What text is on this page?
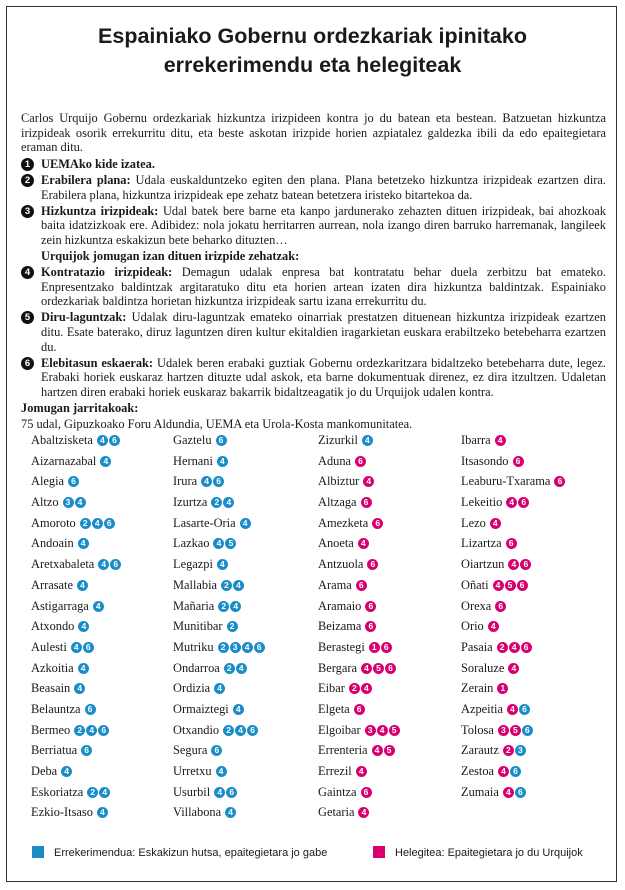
Espainiako Gobernu ordezkariak ipinitako
errekerimendu eta helegiteak
Carlos Urquijo Gobernu ordezkariak hizkuntza irizpideen kontra jo du batean eta bestean. Batzuetan hizkuntza irizpideak osorik errekurritu ditu, eta beste askotan irizpide horien azpiatalez galdezka ibili da edo epaitegietara eraman ditu.
1 UEMAko kide izatea.
2 Erabilera plana: Udala euskalduntzeko egiten den plana. Plana betetzeko hizkuntza irizpideak ezartzen dira. Erabilera plana, hizkuntza irizpideak epe zehatz batean betetzera iristeko bitartekoa da.
3 Hizkuntza irizpideak: Udal batek bere barne eta kanpo jardunerako zehazten dituen irizpideak, bai ahozkoak baita idatzizkoak ere. Adibidez: nola jokatu herritarren aurrean, nola izango diren barruko harremanak, langileek zein hizkuntza eskakizun bete beharko dituzten…
Urquijok jomugan izan dituen irizpide zehatzak:
4 Kontratazio irizpideak: Demagun udalak enpresa bat kontratatu behar duela zerbitzu bat emateko. Enpresentzako baldintzak argitaratuko ditu eta horien artean izaten dira hizkuntza baldintzak. Espainiako ordezkariak baldintza horietan hizkuntza irizpideak sartu izana errekurritu du.
5 Diru-laguntzak: Udalak diru-laguntzak emateko oinarriak prestatzen dituenean hizkuntza irizpideak ezartzen ditu. Esate baterako, diruz laguntzen diren kultur ekitaldien iragarkietan euskara erabiltzeko betebeharra ezartzen du.
6 Elebitasun eskaerak: Udalek beren erabaki guztiak Gobernu ordezkaritzara bidaltzeko betebeharra dute, legez. Erabaki horiek euskaraz hartzen dituzte udal askok, eta barne dokumentuak direnez, ez dira itzultzen. Udaletan hartzen diren erabaki horiek euskaraz bakarrik bidaltzeagatik jo du Urquijok udalen kontra.
Jomugan jarritakoak:
75 udal, Gipuzkoako Foru Aldundia, UEMA eta Urola-Kosta mankomunitatea.
Abaltzisketa 4 6
Aizarnazabal 4
Alegia 6
Altzo 3 4
Amoroto 2 4 6
Andoain 4
Aretxabaleta 4 6
Arrasate 4
Astigarraga 4
Atxondo 4
Aulesti 4 6
Azkoitia 4
Beasain 4
Belauntza 6
Bermeo 2 4 6
Berriatua 6
Deba 4
Eskoriatza 2 4
Ezkio-Itsaso 4
Gaztelu 6
Hernani 4
Irura 4 6
Izurtza 2 4
Lasarte-Oria 4
Lazkao 4 5
Legazpi 4
Mallabia 2 4
Mañaria 2 4
Munitibar 2
Mutriku 2 3 4 6
Ondarroa 2 4
Ordizia 4
Ormaiztegi 4
Otxandio 2 4 6
Segura 6
Urretxu 4
Usurbil 4 6
Villabona 4
Zizurkil 4
Aduna 6
Albiztur 4
Altzaga 6
Amezketa 6
Anoeta 4
Antzuola 6
Arama 6
Aramaio 6
Beizama 6
Berastegi 1 6
Bergara 4 5 6
Eibar 2 4
Elgeta 6
Elgoibar 3 4 5
Errenteria 4 5
Errezil 4
Gaintza 6
Getaria 4
Ibarra 4
Itsasondo 6
Leaburu-Txarama 6
Lekeitio 4 6
Lezo 4
Lizartza 6
Oiartzun 4 6
Oñati 4 5 6
Orexa 6
Orio 4
Pasaia 2 4 6
Soraluze 4
Zerain 1
Azpeitia 4 6
Tolosa 3 5 6
Zarautz 2 3
Zestoa 4 6
Zumaia 4 6
Errekerimendua: Eskakizun hutsa, epaitegietara jo gabe	Helegitea: Epaitegietara jo du Urquijok
